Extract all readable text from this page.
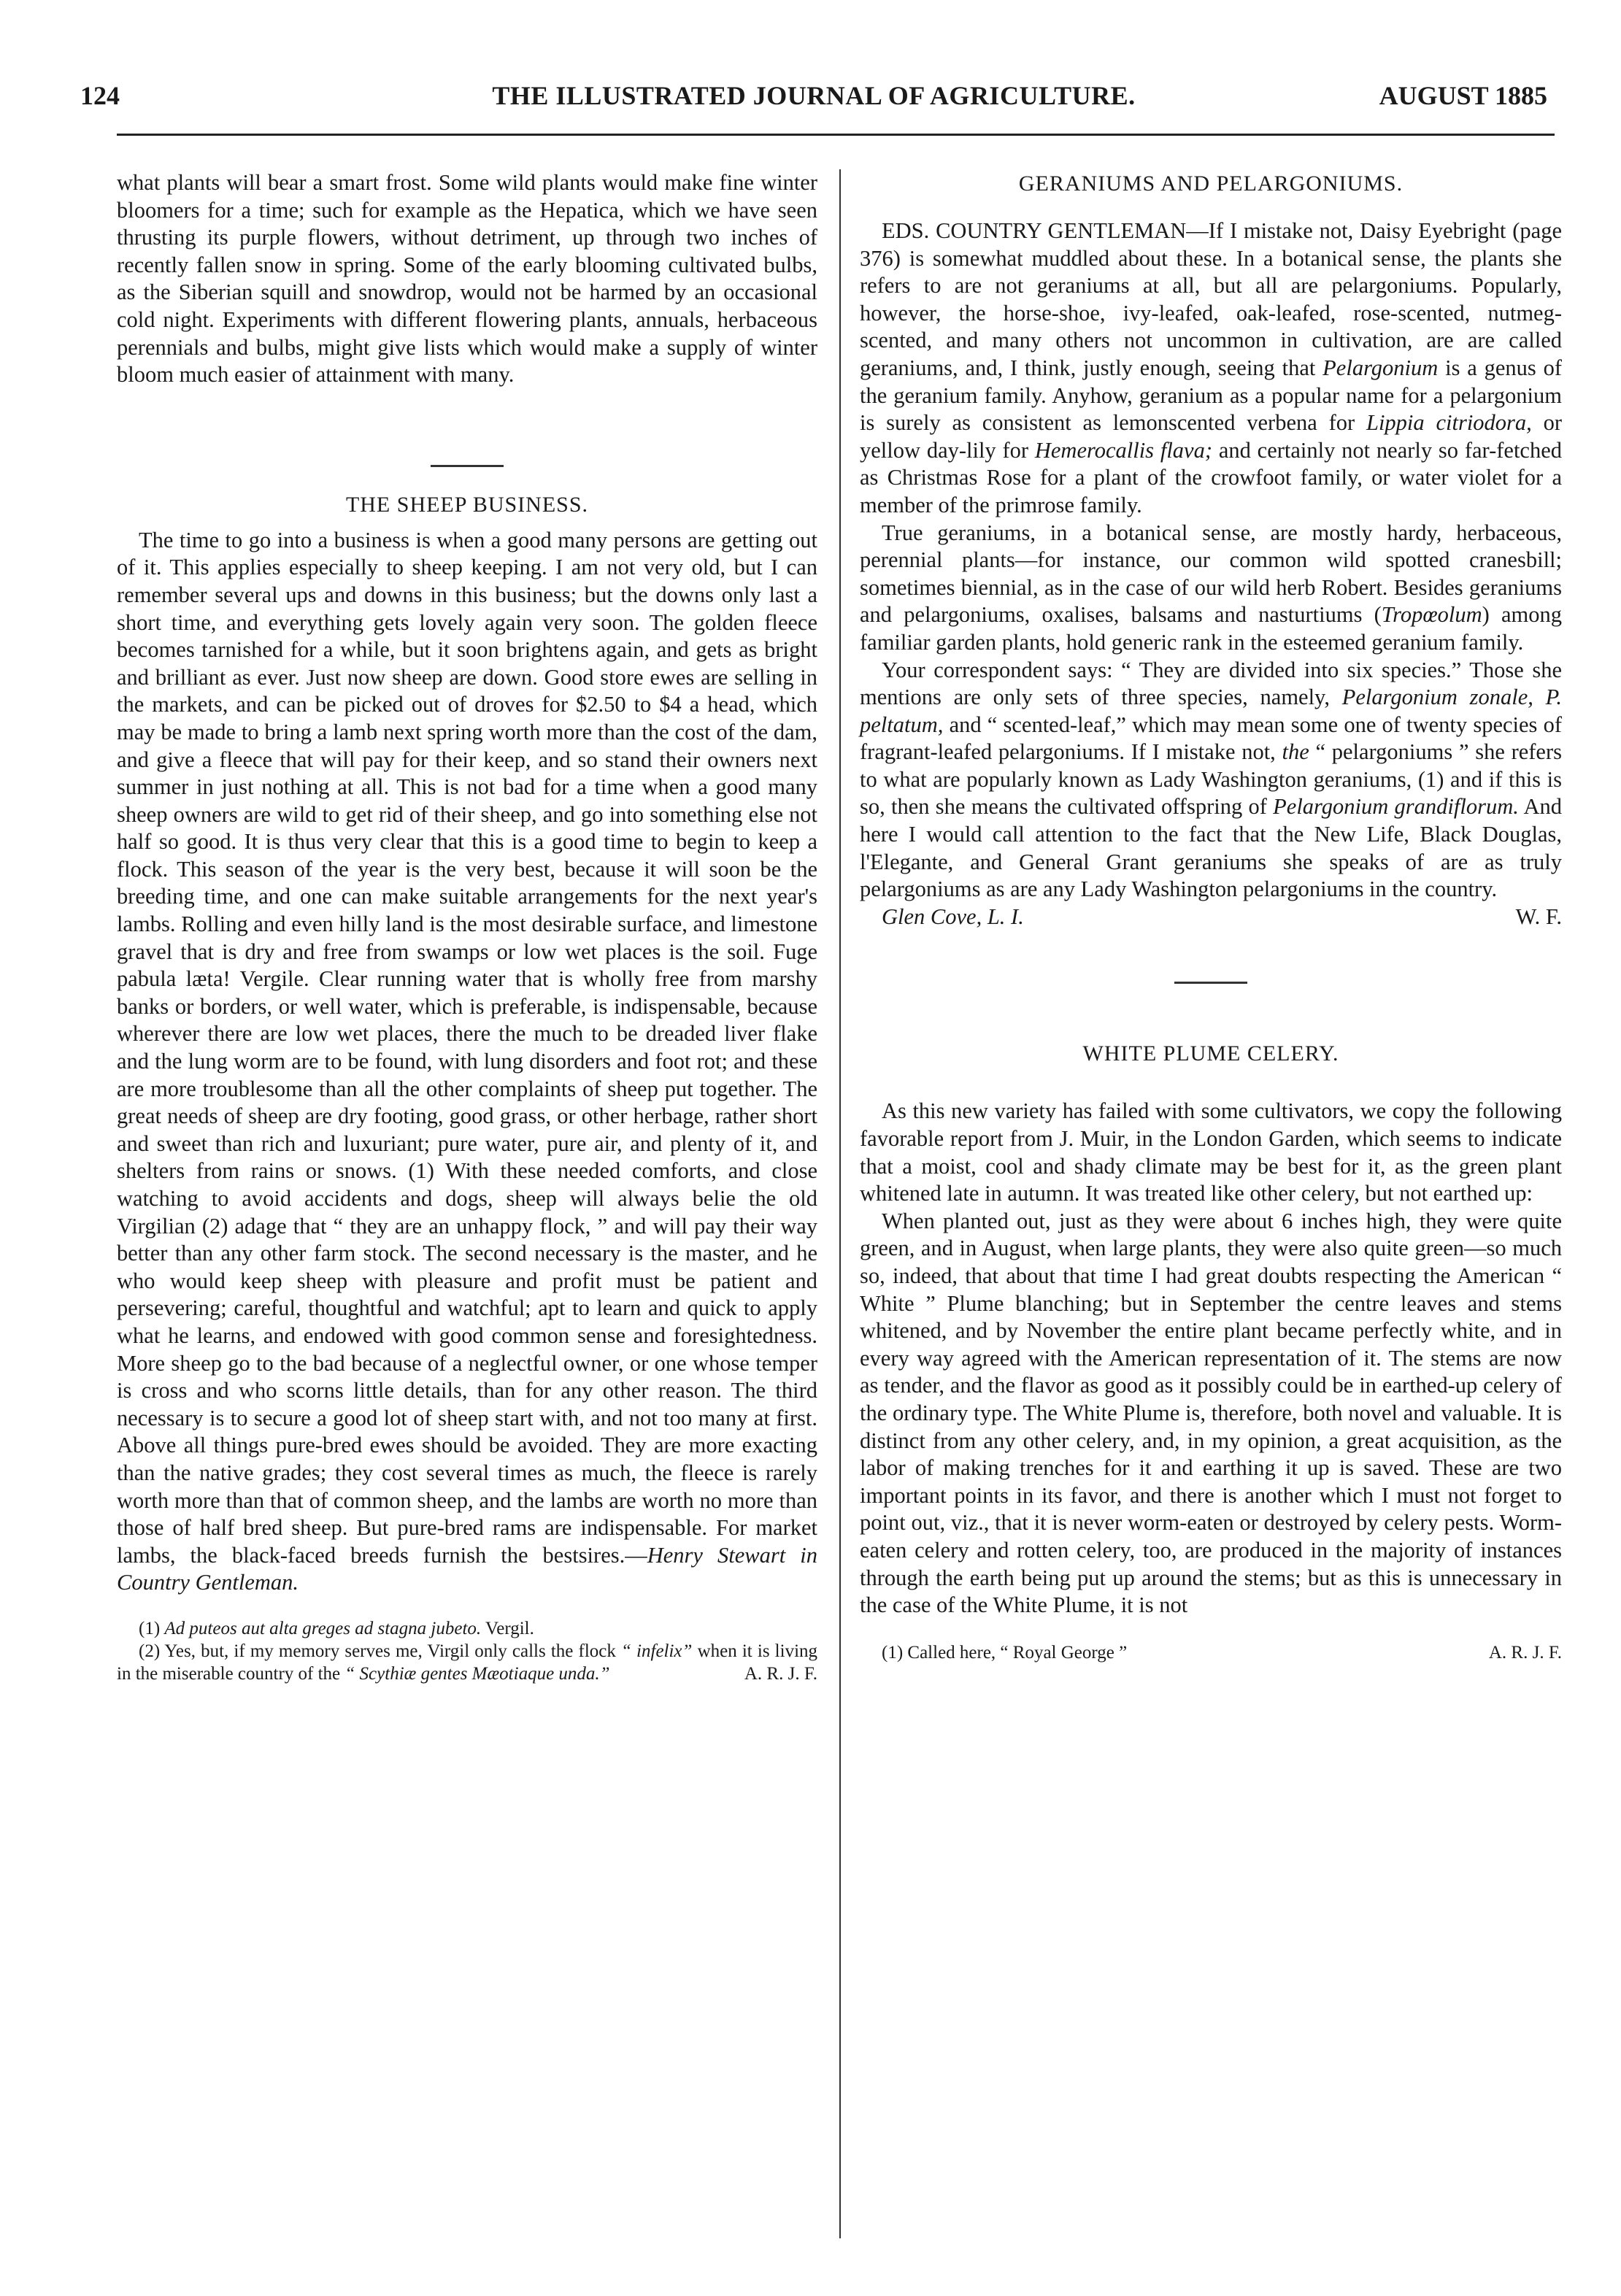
124	THE ILLUSTRATED JOURNAL OF AGRICULTURE.	AUGUST 1885

what plants will bear a smart frost. Some wild plants would make fine winter bloomers for a time; such for example as the Hepatica, which we have seen thrusting its purple flowers, without detriment, up through two inches of recently fallen snow in spring. Some of the early blooming cultivated bulbs, as the Siberian squill and snowdrop, would not be harmed by an occasional cold night. Experiments with different flowering plants, annuals, herbaceous perennials and bulbs, might give lists which would make a supply of winter bloom much easier of attainment with many.

THE SHEEP BUSINESS.

The time to go into a business is when a good many persons are getting out of it. This applies especially to sheep keeping. I am not very old, but I can remember several ups and downs in this business; but the downs only last a short time, and everything gets lovely again very soon. The golden fleece becomes tarnished for a while, but it soon brightens again, and gets as bright and brilliant as ever. Just now sheep are down. Good store ewes are selling in the markets, and can be picked out of droves for $2.50 to $4 a head, which may be made to bring a lamb next spring worth more than the cost of the dam, and give a fleece that will pay for their keep, and so stand their owners next summer in just nothing at all. This is not bad for a time when a good many sheep owners are wild to get rid of their sheep, and go into something else not half so good. It is thus very clear that this is a good time to begin to keep a flock. This season of the year is the very best, because it will soon be the breeding time, and one can make suitable arrangements for the next year's lambs. Rolling and even hilly land is the most desirable surface, and limestone gravel that is dry and free from swamps or low wet places is the soil. Fuge pabula læta! Vergile. Clear running water that is wholly free from marshy banks or borders, or well water, which is preferable, is indispensable, because wherever there are low wet places, there the much to be dreaded liver flake and the lung worm are to be found, with lung disorders and foot rot; and these are more troublesome than all the other complaints of sheep put together. The great needs of sheep are dry footing, good grass, or other herbage, rather short and sweet than rich and luxuriant; pure water, pure air, and plenty of it, and shelters from rains or snows. (1) With these needed comforts, and close watching to avoid accidents and dogs, sheep will always belie the old Virgilian (2) adage that “ they are an unhappy flock, ” and will pay their way better than any other farm stock. The second necessary is the master, and he who would keep sheep with pleasure and profit must be patient and persevering; careful, thoughtful and watchful; apt to learn and quick to apply what he learns, and endowed with good common sense and foresightedness. More sheep go to the bad because of a neglectful owner, or one whose temper is cross and who scorns little details, than for any other reason. The third necessary is to secure a good lot of sheep start with, and not too many at first. Above all things pure-bred ewes should be avoided. They are more exacting than the native grades; they cost several times as much, the fleece is rarely worth more than that of common sheep, and the lambs are worth no more than those of half bred sheep. But pure-bred rams are indispensable. For market lambs, the black-faced breeds furnish the bestsires.—Henry Stewart in Country Gentleman.

(1) Ad puteos aut alta greges ad stagna jubeto. Vergil.

(2) Yes, but, if my memory serves me, Virgil only calls the flock “ infelix” when it is living in the miserable country of the “ Scythiæ gentes Mæotiaque unda.”	A. R. J. F.

GERANIUMS AND PELARGONIUMS.

EDS. COUNTRY GENTLEMAN—If I mistake not, Daisy Eyebright (page 376) is somewhat muddled about these. In a botanical sense, the plants she refers to are not geraniums at all, but all are pelargoniums. Popularly, however, the horse-shoe, ivy-leafed, oak-leafed, rose-scented, nutmeg-scented, and many others not uncommon in cultivation, are are called geraniums, and, I think, justly enough, seeing that Pelargonium is a genus of the geranium family. Anyhow, geranium as a popular name for a pelargonium is surely as consistent as lemonscented verbena for Lippia citriodora, or yellow day-lily for Hemerocallis flava; and certainly not nearly so far-fetched as Christmas Rose for a plant of the crowfoot family, or water violet for a member of the primrose family.

True geraniums, in a botanical sense, are mostly hardy, herbaceous, perennial plants—for instance, our common wild spotted cranesbill; sometimes biennial, as in the case of our wild herb Robert. Besides geraniums and pelargoniums, oxalises, balsams and nasturtiums (Tropœolum) among familiar garden plants, hold generic rank in the esteemed geranium family.

Your correspondent says: “ They are divided into six species.” Those she mentions are only sets of three species, namely, Pelargonium zonale, P. peltatum, and “ scented-leaf,” which may mean some one of twenty species of fragrant-leafed pelargoniums. If I mistake not, the “ pelargoniums ” she refers to what are popularly known as Lady Washington geraniums, (1) and if this is so, then she means the cultivated offspring of Pelargonium grandiflorum. And here I would call attention to the fact that the New Life, Black Douglas, l'Elegante, and General Grant geraniums she speaks of are as truly pelargoniums as are any Lady Washington pelargoniums in the country.
W. F.

Glen Cove, L. I.

WHITE PLUME CELERY.

As this new variety has failed with some cultivators, we copy the following favorable report from J. Muir, in the London Garden, which seems to indicate that a moist, cool and shady climate may be best for it, as the green plant whitened late in autumn. It was treated like other celery, but not earthed up:

When planted out, just as they were about 6 inches high, they were quite green, and in August, when large plants, they were also quite green—so much so, indeed, that about that time I had great doubts respecting the American “ White ” Plume blanching; but in September the centre leaves and stems whitened, and by November the entire plant became perfectly white, and in every way agreed with the American representation of it. The stems are now as tender, and the flavor as good as it possibly could be in earthed-up celery of the ordinary type. The White Plume is, therefore, both novel and valuable. It is distinct from any other celery, and, in my opinion, a great acquisition, as the labor of making trenches for it and earthing it up is saved. These are two important points in its favor, and there is another which I must not forget to point out, viz., that it is never worm-eaten or destroyed by celery pests. Worm-eaten celery and rotten celery, too, are produced in the majority of instances through the earth being put up around the stems; but as this is unnecessary in the case of the White Plume, it is not

(1) Called here, “ Royal George ”	A. R. J. F.
